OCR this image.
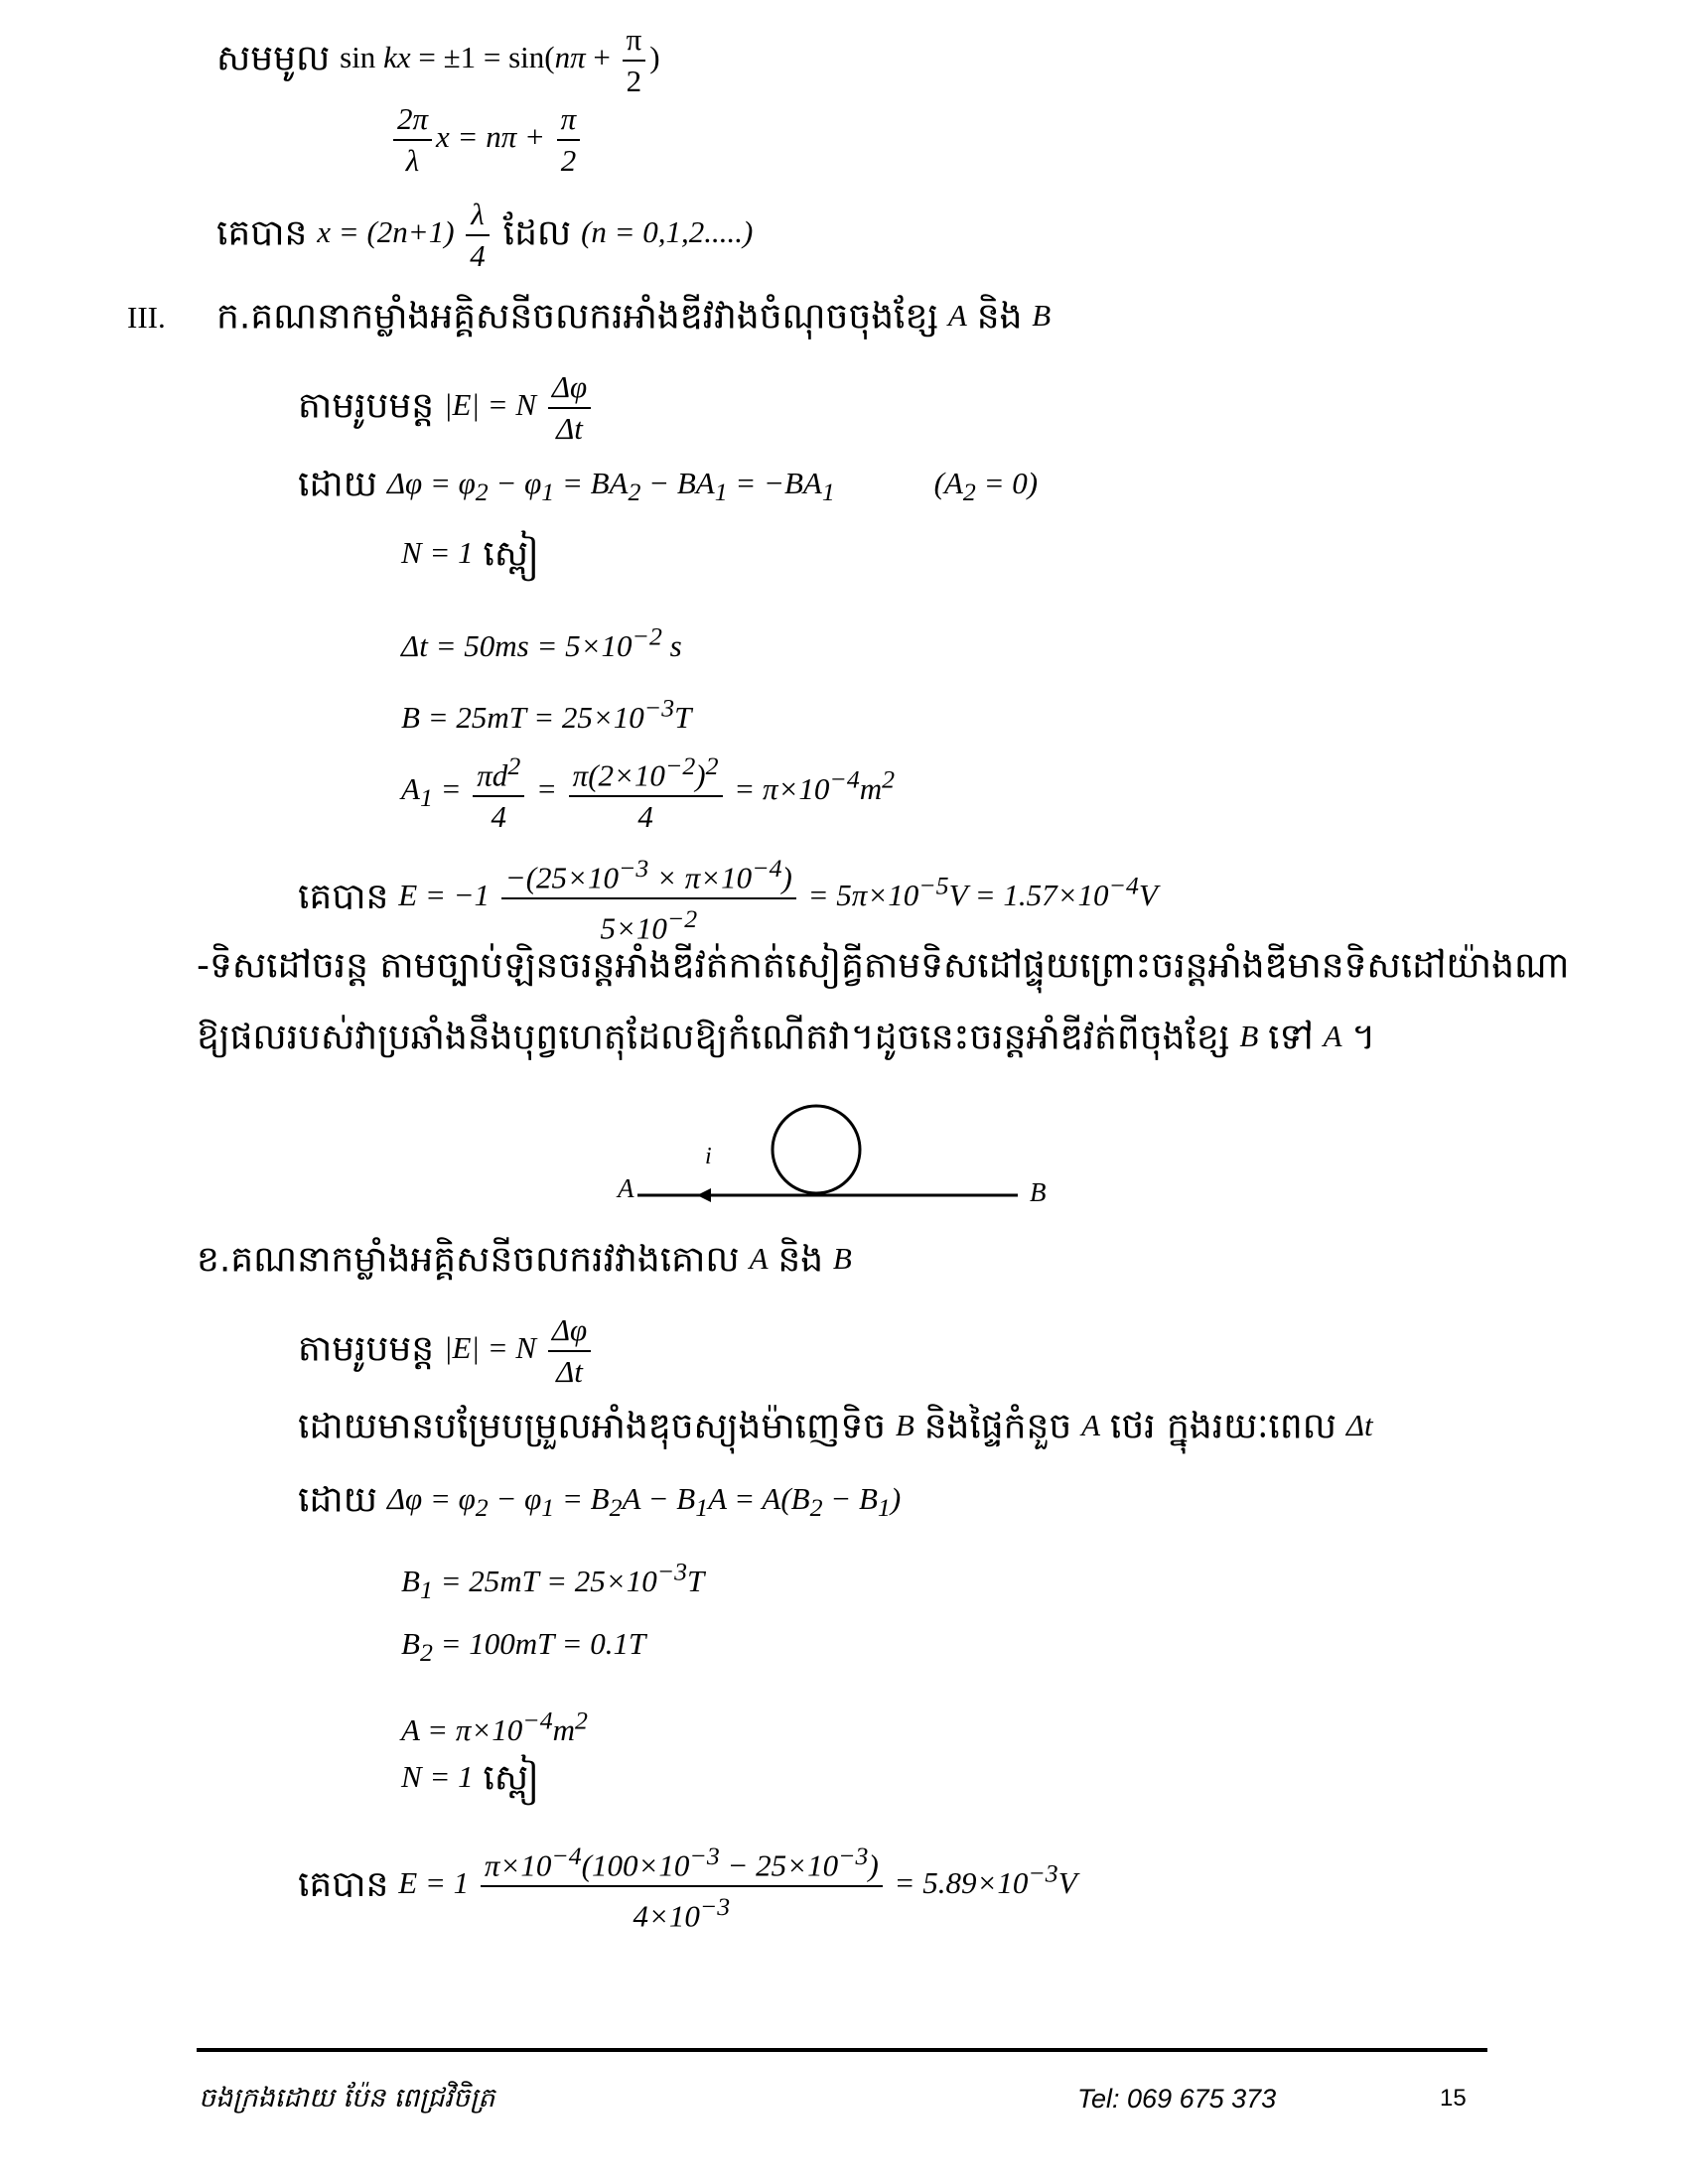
សមមូល sin kx = $\pm 1 = \sin(n\pi + \frac{\pi}{2}$ )
$\frac{2\pi}{\lambda}$ $x = n\pi + \frac{\pi}{2}$
គេបាន $x = (2n+1) \frac{\lambda}{4}$ ដែល (n = 0,1,2.....)
III. ក.គណនាកម្លាំងអគ្គិសនីចលករអាំងឌីវវាងចំណុចចុងខ្សែ A និង B
តាមរូបមន្ត |E| = N $\frac{\Delta\varphi}{\Delta t}$
ដោយ $\Delta\varphi = \varphi_2 - \varphi_1 = BA_2 - BA_1 = -BA_1$	$(A_2 = 0)$
N = 1 ស្ពៀ
$\Delta t = 50ms = 5\times 10^{-2}$ s
$B = 25mT = 25\times 10^{-3}T$
$A_1 = \frac{\pi d^2}{4} = \frac{\pi(2\times 10^{-2})^2}{4} = \pi\times 10^{-4}m^2$
គេបាន $E = -1 \frac{-(25\times 10^{-3} \times \pi\times 10^{-4})}{5\times 10^{-2}} = 5\pi\times 10^{-5}V = 1.57\times 10^{-4}V$
-ទិសដៅចរន្ត តាមច្បាប់ឡិនចរន្តអាំងឌីវត់កាត់សៀគ្វីតាមទិសដៅផ្ទុយព្រោះចរន្តអាំងឌីមានទិសដៅយ៉ាងណា
ឱ្យផលរបស់វាប្រឆាំងនឹងបុព្វហេតុដែលឱ្យកំណើតវា។ដូចនេះចរន្តអាំឌីវត់ពីចុងខ្សែ B ទៅ A ។
A	B
i
ខ.គណនាកម្លាំងអគ្គិសនីចលករវវាងគោល A និង B
តាមរូបមន្ត |E| = N $\frac{\Delta\varphi}{\Delta t}$
ដោយមានបម្រែបម្រួលអាំងឌុចស្យុងម៉ាញេទិច B និងផ្ទៃកំនួច A ថេរ ក្នុងរយៈពេល Δt
ដោយ $\Delta\varphi = \varphi_2 - \varphi_1 = B_2A - B_1A = A(B_2 - B_1)$
$B_1 = 25mT = 25\times 10^{-3}T$
$B_2 = 100mT = 0.1T$
$A = \pi\times 10^{-4}m^2$
N = 1 ស្ពៀ
គេបាន $E = 1 \frac{\pi\times 10^{-4}(100\times 10^{-3} - 25\times 10^{-3})}{4\times 10^{-3}} = 5.89\times 10^{-3}V$
ចងក្រងដោយ ប៉ែន ពេជ្រវិចិត្រ	Tel: 069 675 373	15
